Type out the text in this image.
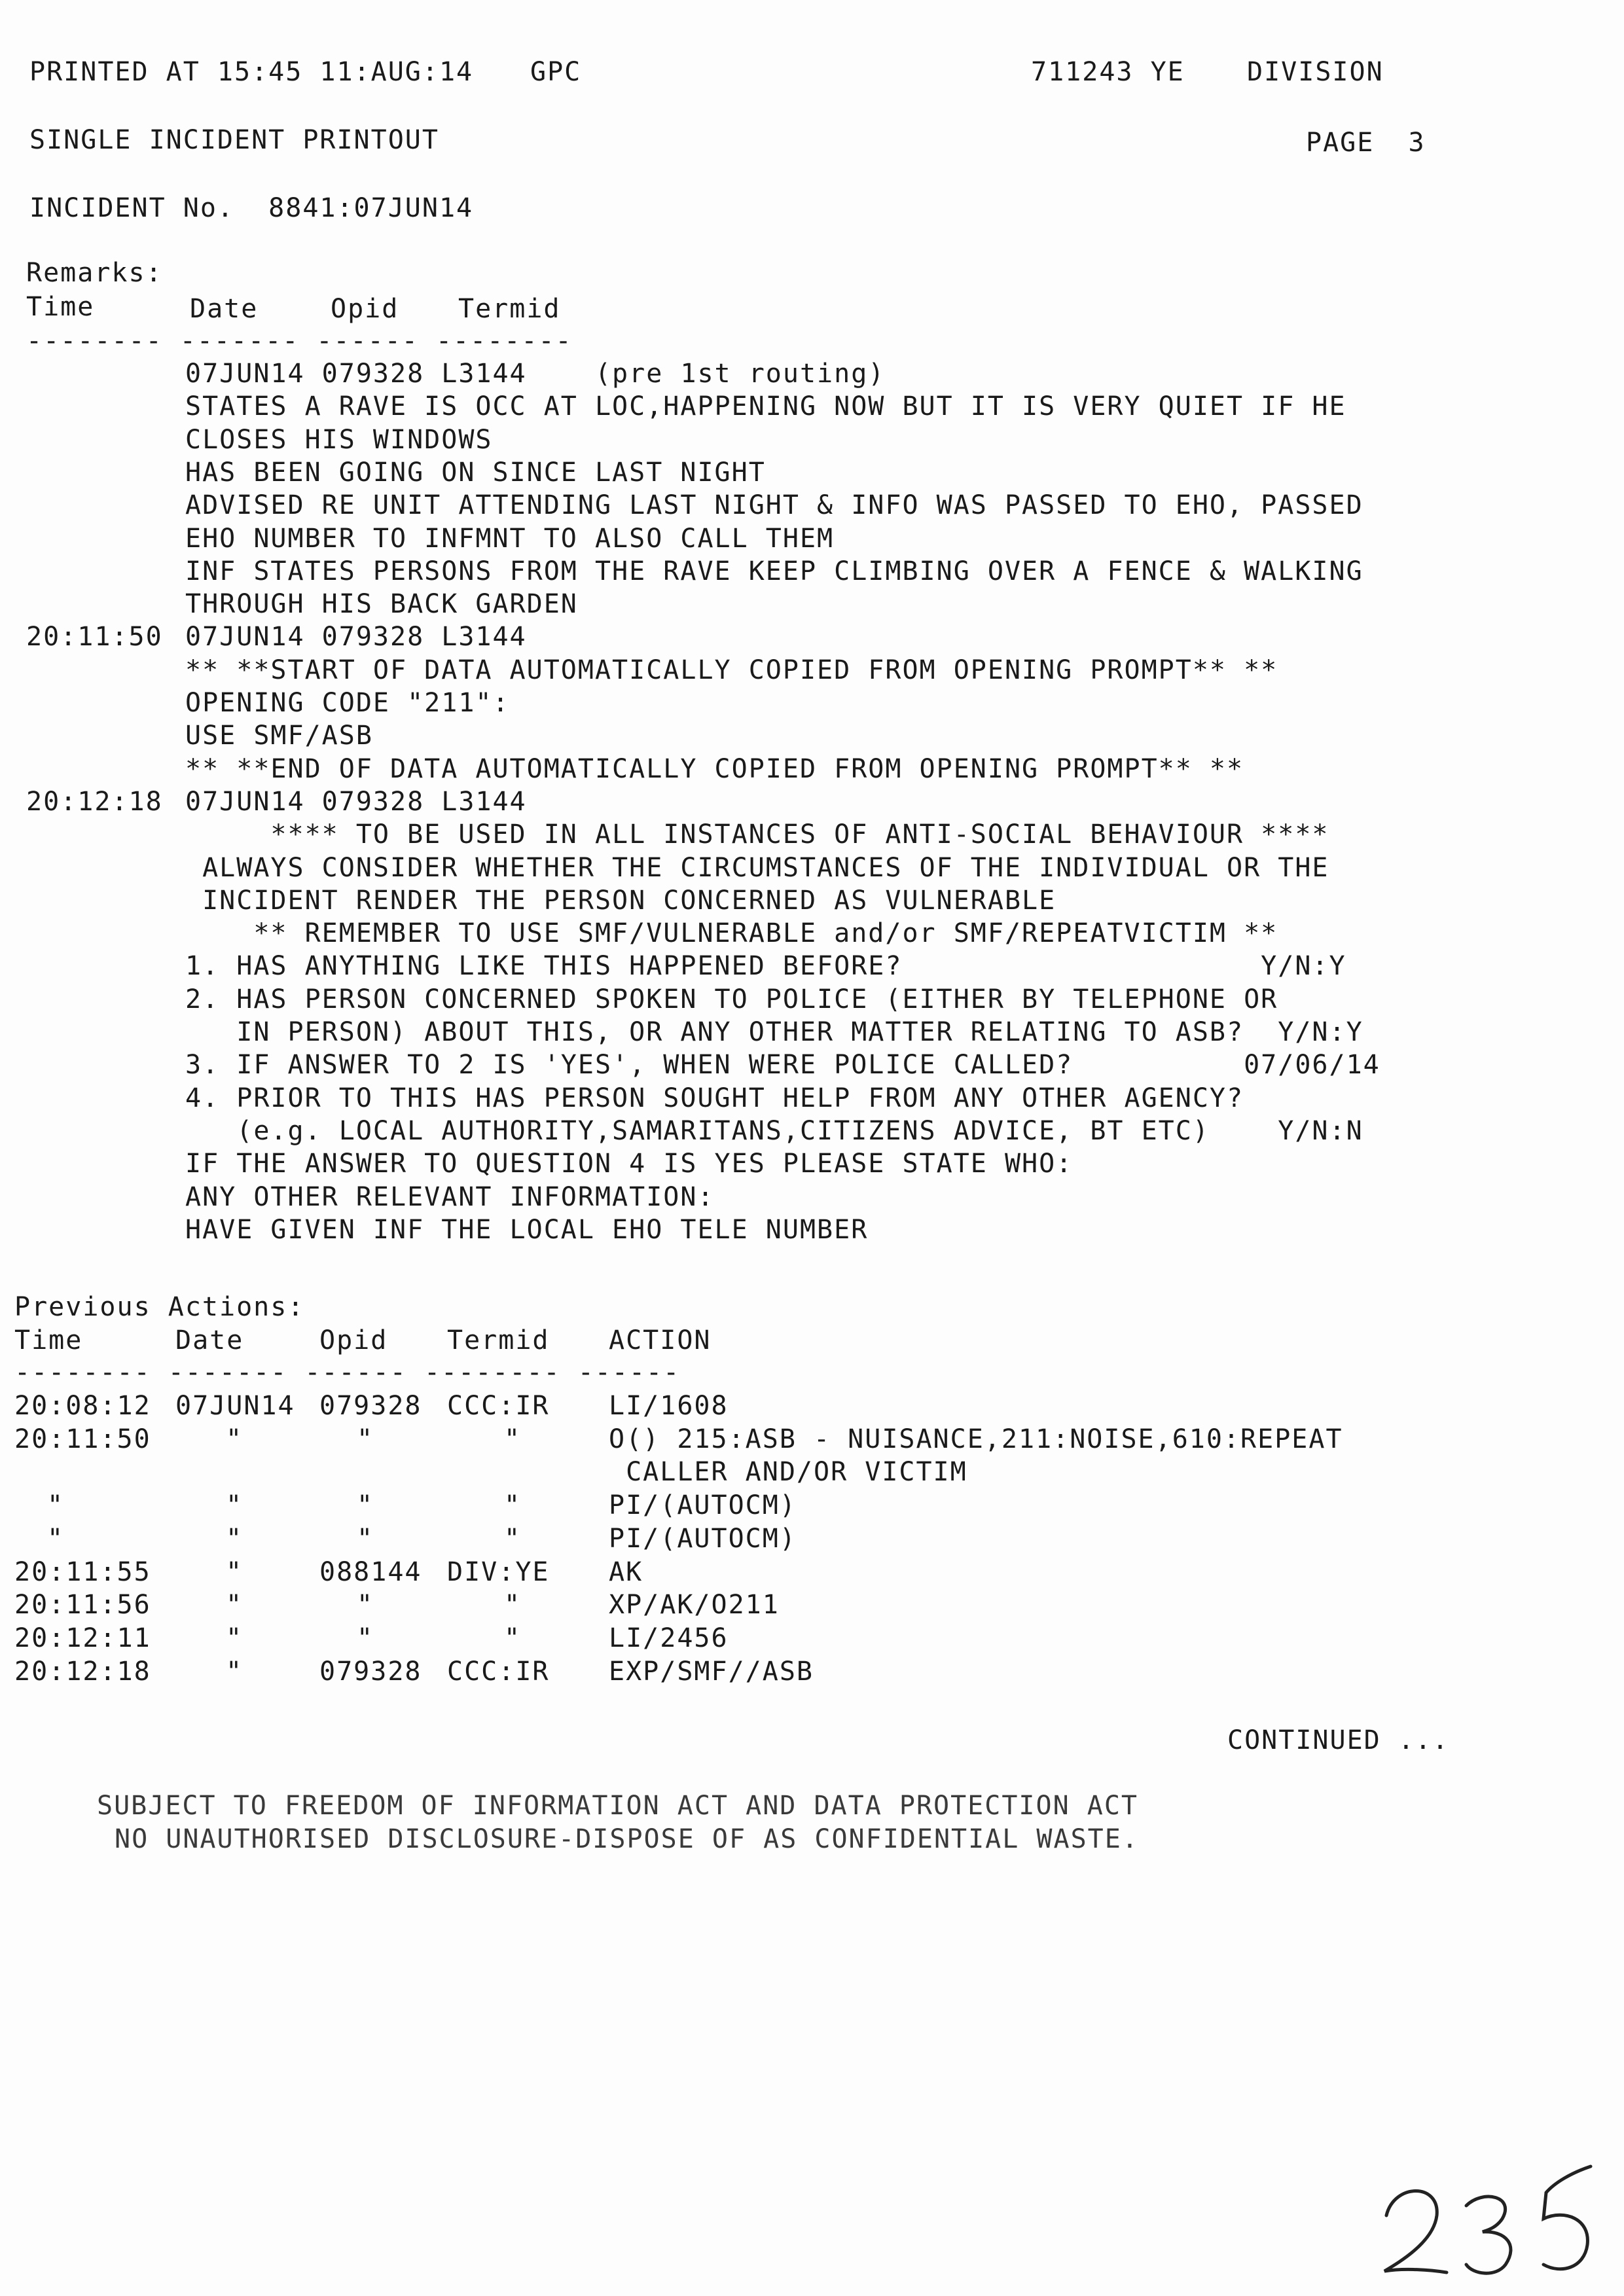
PRINTED AT 15:45 11:AUG:14 GPC	711243 YE DIVISION
SINGLE INCIDENT PRINTOUT	PAGE  3
INCIDENT No.  8841:07JUN14
Remarks:
Time	Date	Opid Termid
-------- ------- ------ --------
07JUN14 079328 L3144    (pre 1st routing)
STATES A RAVE IS OCC AT LOC,HAPPENING NOW BUT IT IS VERY QUIET IF HE
CLOSES HIS WINDOWS
HAS BEEN GOING ON SINCE LAST NIGHT
ADVISED RE UNIT ATTENDING LAST NIGHT & INFO WAS PASSED TO EHO, PASSED
EHO NUMBER TO INFMNT TO ALSO CALL THEM
INF STATES PERSONS FROM THE RAVE KEEP CLIMBING OVER A FENCE & WALKING
THROUGH HIS BACK GARDEN
20:11:50 07JUN14 079328 L3144
** **START OF DATA AUTOMATICALLY COPIED FROM OPENING PROMPT** **
OPENING CODE "211":
USE SMF/ASB
** **END OF DATA AUTOMATICALLY COPIED FROM OPENING PROMPT** **
20:12:18 07JUN14 079328 L3144
**** TO BE USED IN ALL INSTANCES OF ANTI-SOCIAL BEHAVIOUR ****
ALWAYS CONSIDER WHETHER THE CIRCUMSTANCES OF THE INDIVIDUAL OR THE
INCIDENT RENDER THE PERSON CONCERNED AS VULNERABLE
** REMEMBER TO USE SMF/VULNERABLE and/or SMF/REPEATVICTIM **
1. HAS ANYTHING LIKE THIS HAPPENED BEFORE?                     Y/N:Y
2. HAS PERSON CONCERNED SPOKEN TO POLICE (EITHER BY TELEPHONE OR
IN PERSON) ABOUT THIS, OR ANY OTHER MATTER RELATING TO ASB?  Y/N:Y
3. IF ANSWER TO 2 IS 'YES', WHEN WERE POLICE CALLED?          07/06/14
4. PRIOR TO THIS HAS PERSON SOUGHT HELP FROM ANY OTHER AGENCY?
(e.g. LOCAL AUTHORITY,SAMARITANS,CITIZENS ADVICE, BT ETC)    Y/N:N
IF THE ANSWER TO QUESTION 4 IS YES PLEASE STATE WHO:
ANY OTHER RELEVANT INFORMATION:
HAVE GIVEN INF THE LOCAL EHO TELE NUMBER
Previous Actions:
Time	Date	Opid Termid ACTION
-------- ------- ------ -------- ------
20:08:12 07JUN14 079328 CCC:IR LI/1608
20:11:50	"	"	"	O() 215:ASB - NUISANCE,211:NOISE,610:REPEAT
CALLER AND/OR VICTIM
"	"	"	"	PI/(AUTOCM)
"	"	"	"	PI/(AUTOCM)
20:11:55	"	088144 DIV:YE AK
20:11:56	"	"	"	XP/AK/O211
20:12:11	"	"	"	LI/2456
20:12:18	"	079328 CCC:IR EXP/SMF//ASB
CONTINUED ...
SUBJECT TO FREEDOM OF INFORMATION ACT AND DATA PROTECTION ACT
NO UNAUTHORISED DISCLOSURE-DISPOSE OF AS CONFIDENTIAL WASTE.
